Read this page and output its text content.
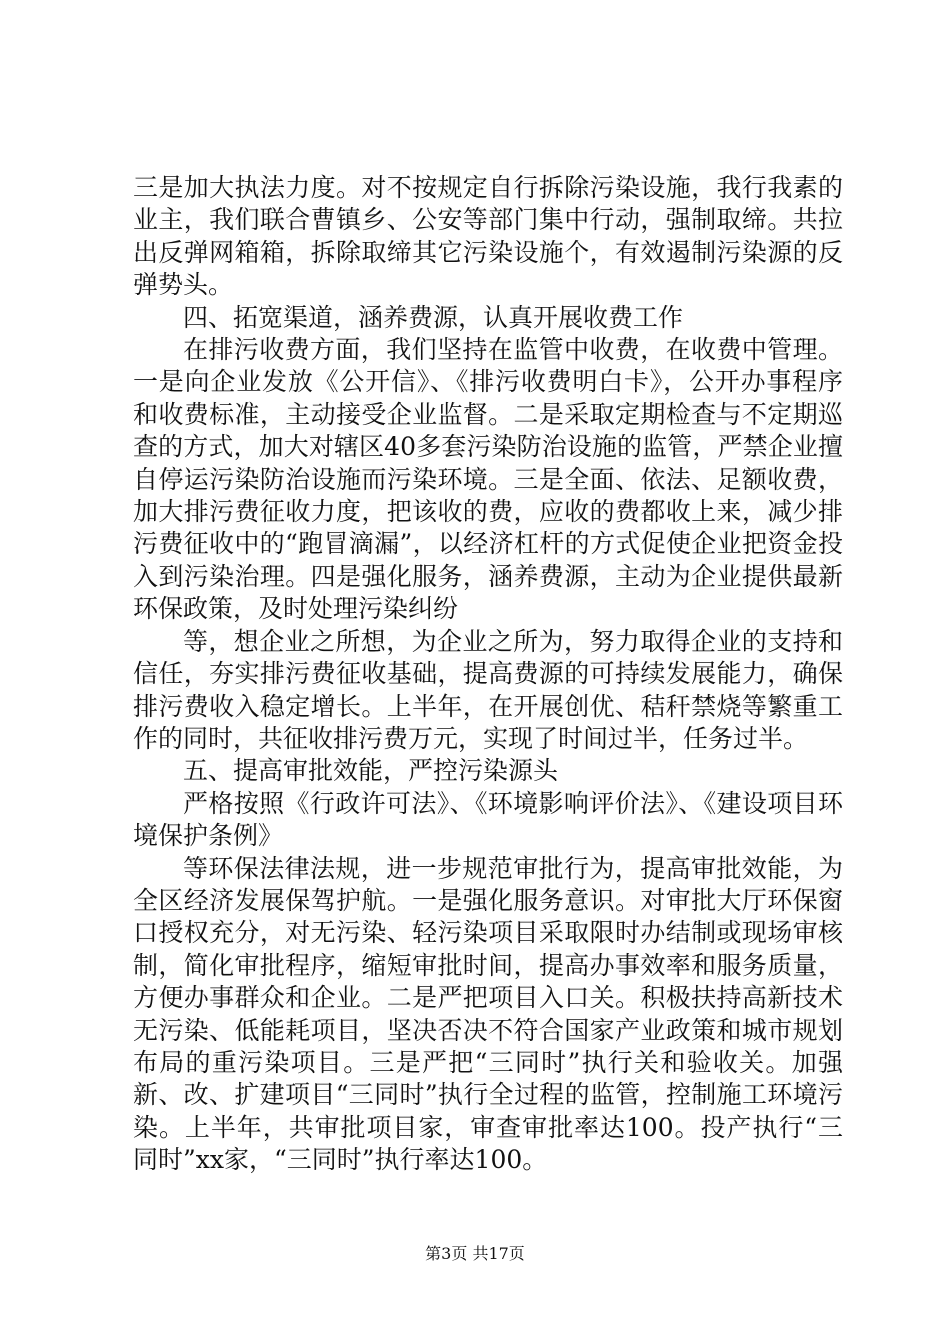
三是加大执法力度。对不按规定自行拆除污染设施，我行我素的业主，我们联合曹镇乡、公安等部门集中行动，强制取缔。共拉出反弹网箱箱，拆除取缔其它污染设施个，有效遏制污染源的反弹势头。

四、拓宽渠道，涵养费源，认真开展收费工作

在排污收费方面，我们坚持在监管中收费，在收费中管理。一是向企业发放《公开信》、《排污收费明白卡》，公开办事程序和收费标准，主动接受企业监督。二是采取定期检查与不定期巡查的方式，加大对辖区40多套污染防治设施的监管，严禁企业擅自停运污染防治设施而污染环境。三是全面、依法、足额收费，加大排污费征收力度，把该收的费，应收的费都收上来，减少排污费征收中的“跑冒滴漏”，以经济杠杆的方式促使企业把资金投入到污染治理。四是强化服务，涵养费源，主动为企业提供最新环保政策，及时处理污染纠纷

等，想企业之所想，为企业之所为，努力取得企业的支持和信任，夯实排污费征收基础，提高费源的可持续发展能力，确保排污费收入稳定增长。上半年，在开展创优、秸秆禁烧等繁重工作的同时，共征收排污费万元，实现了时间过半，任务过半。

五、提高审批效能，严控污染源头

严格按照《行政许可法》、《环境影响评价法》、《建设项目环境保护条例》

等环保法律法规，进一步规范审批行为，提高审批效能，为全区经济发展保驾护航。一是强化服务意识。对审批大厅环保窗口授权充分，对无污染、轻污染项目采取限时办结制或现场审核制，简化审批程序，缩短审批时间，提高办事效率和服务质量，方便办事群众和企业。二是严把项目入口关。积极扶持高新技术无污染、低能耗项目，坚决否决不符合国家产业政策和城市规划布局的重污染项目。三是严把“三同时”执行关和验收关。加强新、改、扩建项目“三同时”执行全过程的监管，控制施工环境污染。上半年，共审批项目家，审查审批率达100。投产执行“三同时”xx家，“三同时”执行率达100。

第3页 共17页
